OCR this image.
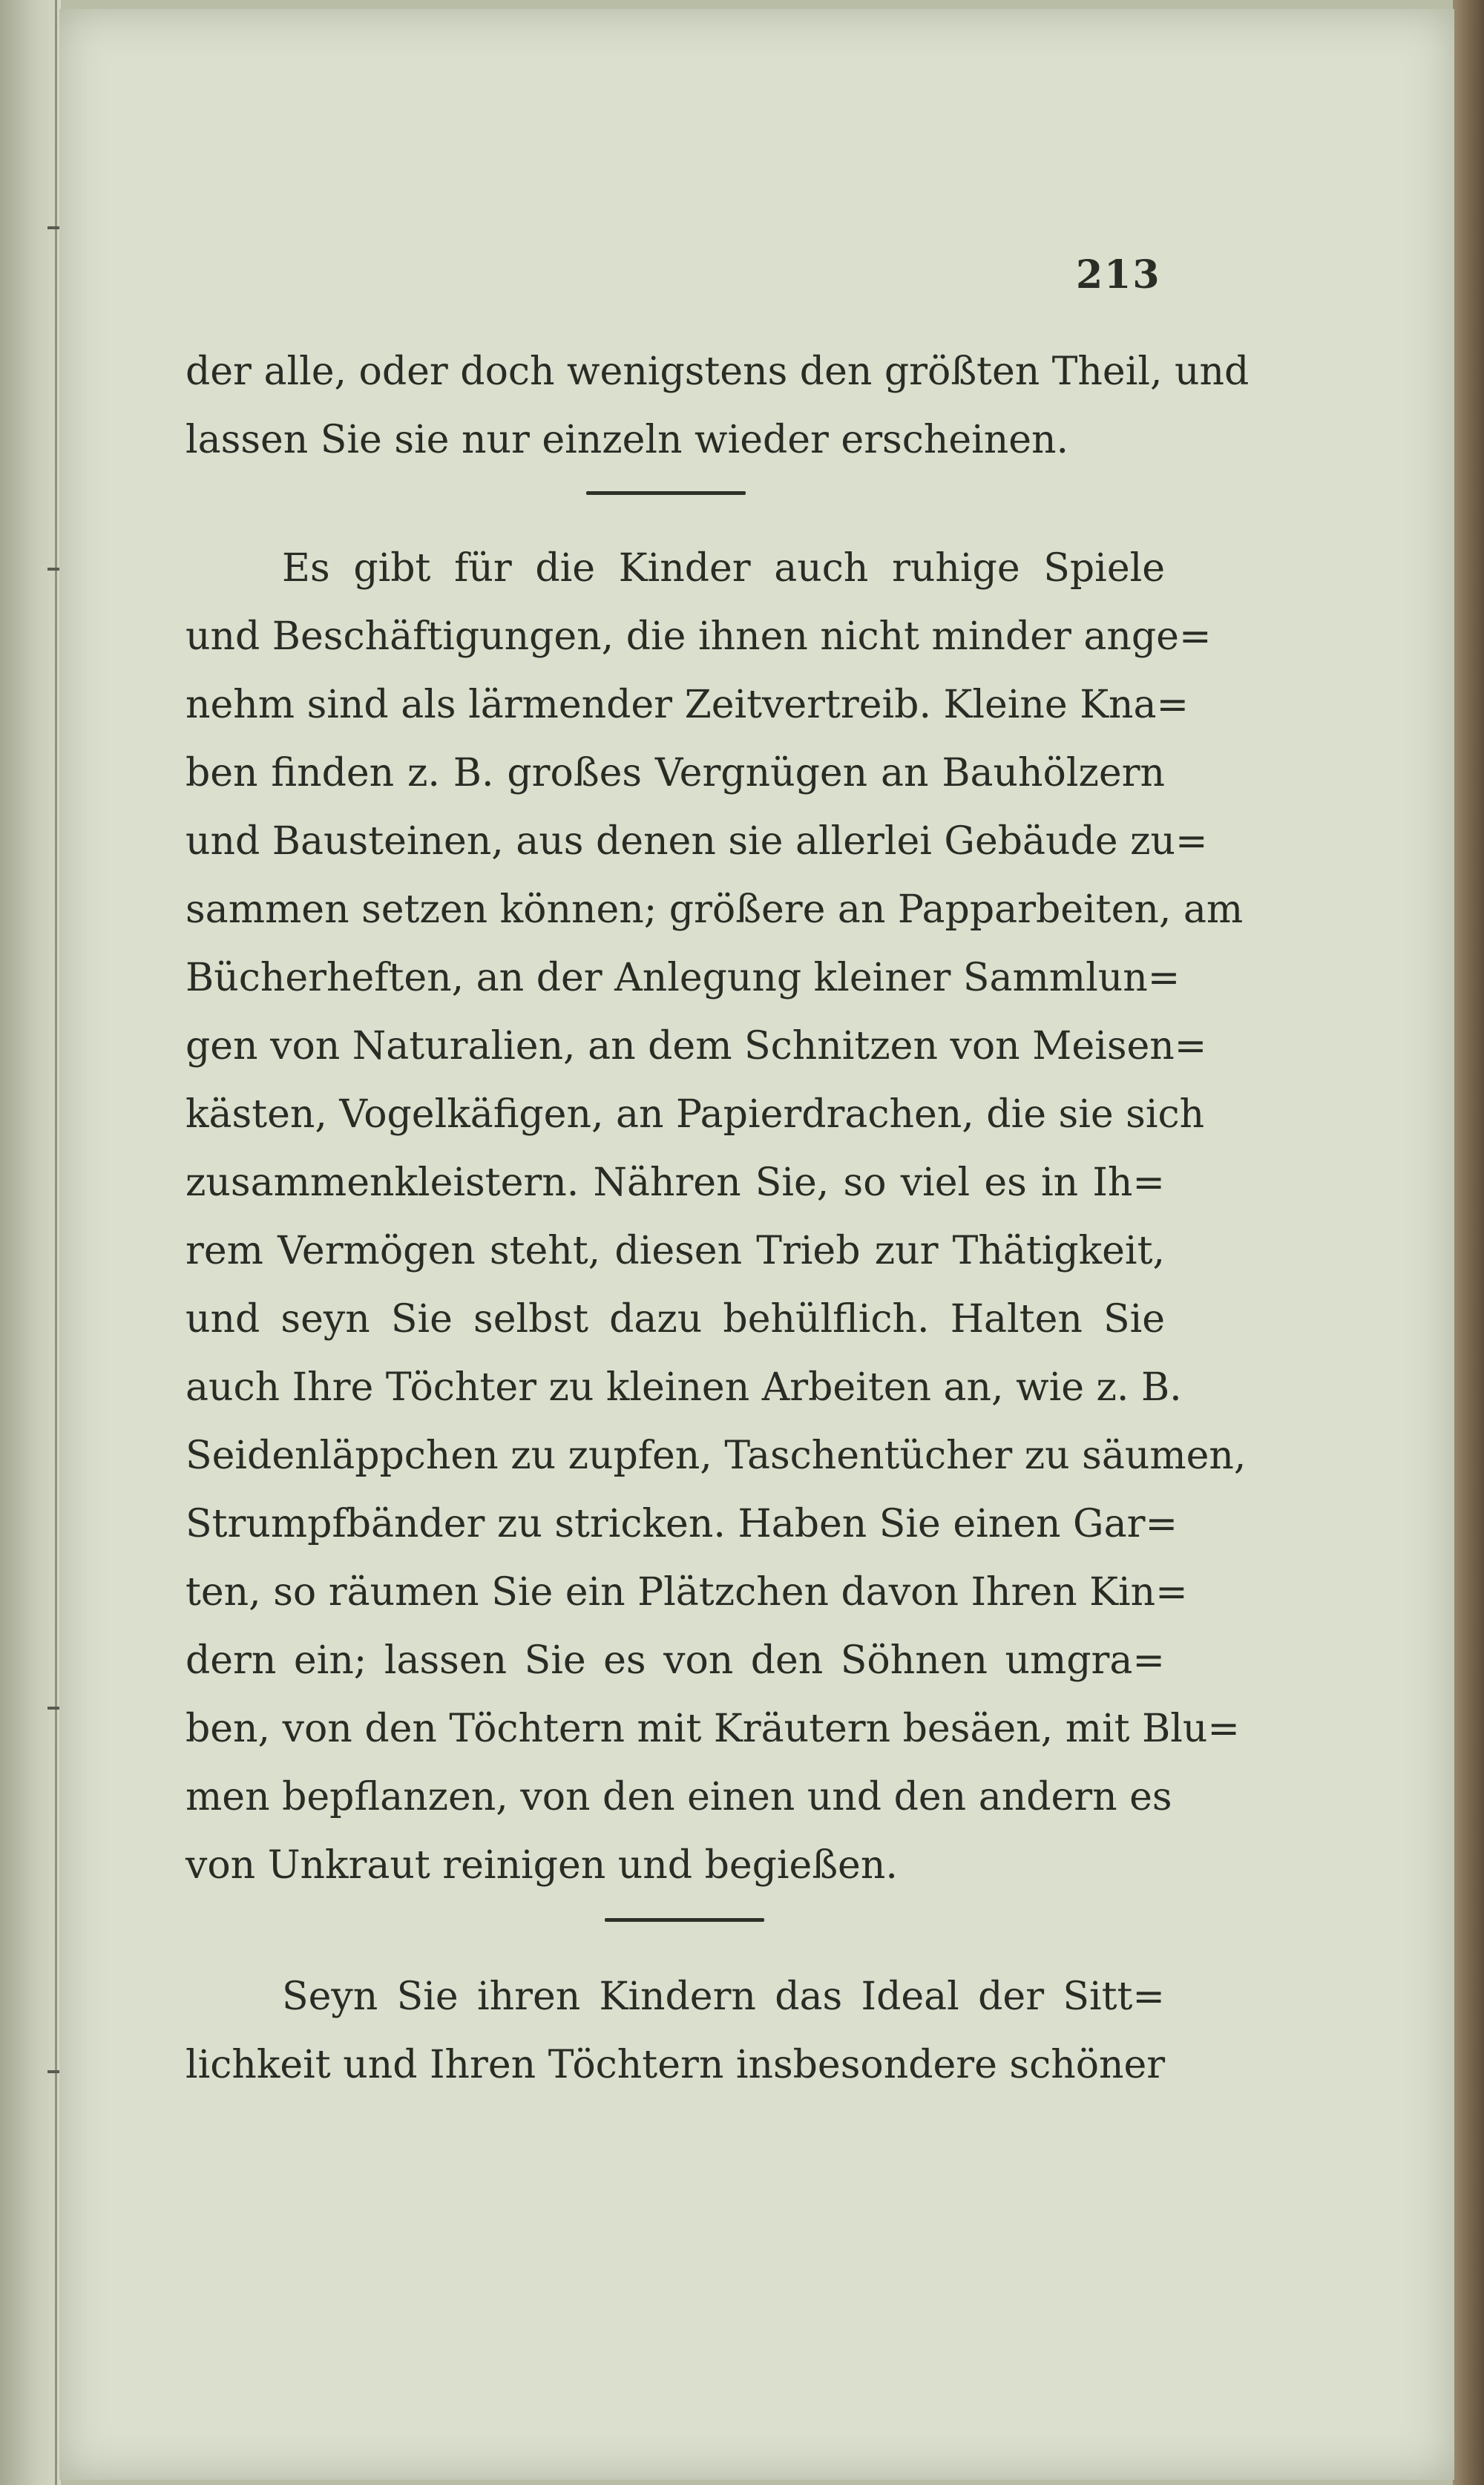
213
der alle, oder doch wenigstens den größten Theil, und
lassen Sie sie nur einzeln wieder erscheinen.
Es gibt für die Kinder auch ruhige Spiele
und Beschäftigungen, die ihnen nicht minder ange=
nehm sind als lärmender Zeitvertreib. Kleine Kna=
ben finden z. B. großes Vergnügen an Bauhölzern
und Bausteinen, aus denen sie allerlei Gebäude zu=
sammen setzen können; größere an Papparbeiten, am
Bücherheften, an der Anlegung kleiner Sammlun=
gen von Naturalien, an dem Schnitzen von Meisen=
kästen, Vogelkäfigen, an Papierdrachen, die sie sich
zusammenkleistern. Nähren Sie, so viel es in Ih=
rem Vermögen steht, diesen Trieb zur Thätigkeit,
und seyn Sie selbst dazu behülflich. Halten Sie
auch Ihre Töchter zu kleinen Arbeiten an, wie z. B.
Seidenläppchen zu zupfen, Taschentücher zu säumen,
Strumpfbänder zu stricken. Haben Sie einen Gar=
ten, so räumen Sie ein Plätzchen davon Ihren Kin=
dern ein; lassen Sie es von den Söhnen umgra=
ben, von den Töchtern mit Kräutern besäen, mit Blu=
men bepflanzen, von den einen und den andern es
von Unkraut reinigen und begießen.
Seyn Sie ihren Kindern das Ideal der Sitt=
lichkeit und Ihren Töchtern insbesondere schöner
